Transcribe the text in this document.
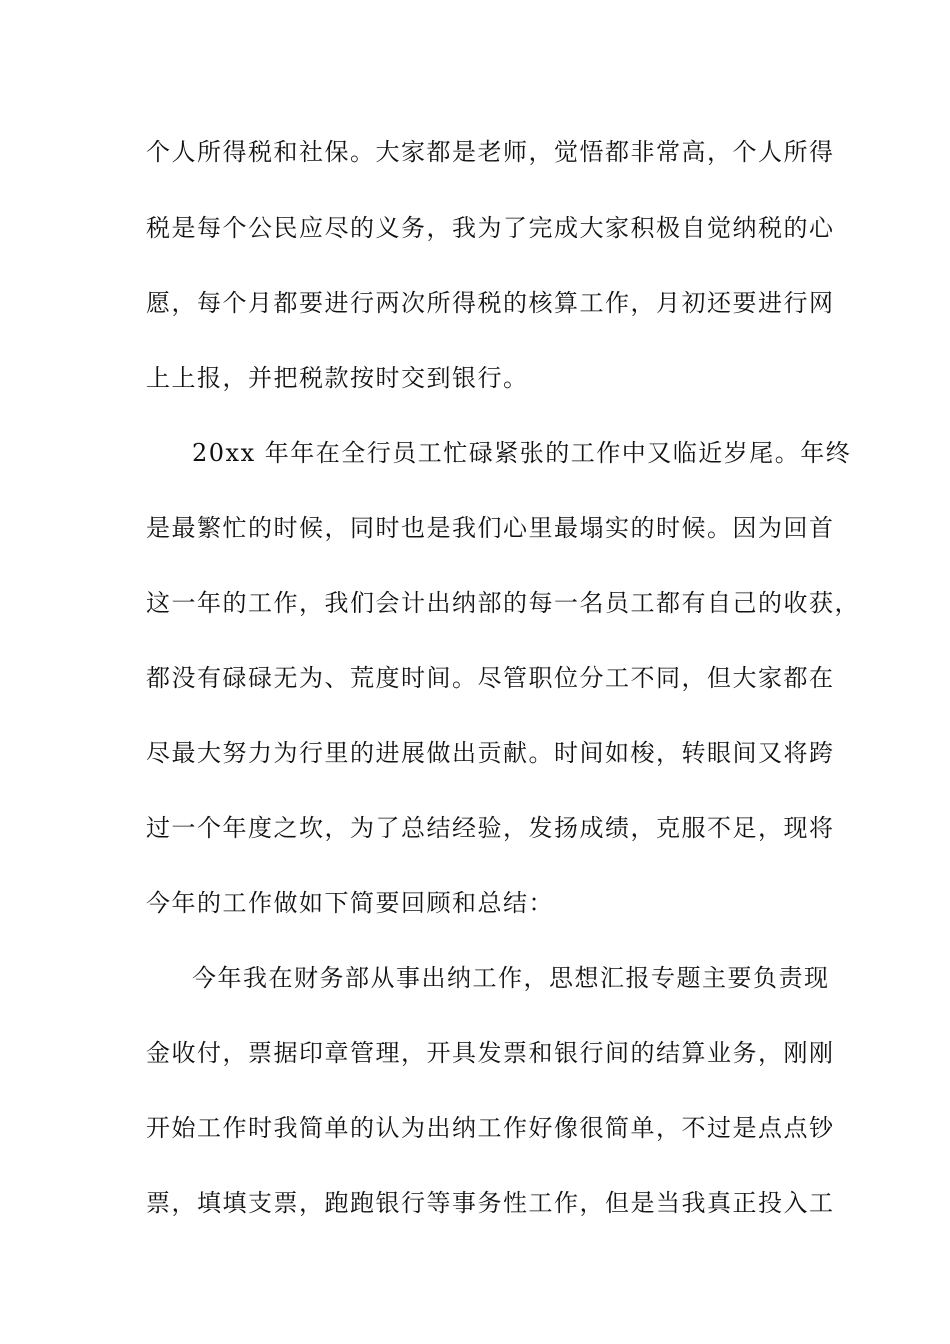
个人所得税和社保。大家都是老师，觉悟都非常高，个人所得
税是每个公民应尽的义务，我为了完成大家积极自觉纳税的心
愿，每个月都要进行两次所得税的核算工作，月初还要进行网
上上报，并把税款按时交到银行。
20xx 年年在全行员工忙碌紧张的工作中又临近岁尾。年终
是最繁忙的时候，同时也是我们心里最塌实的时候。因为回首
这一年的工作，我们会计出纳部的每一名员工都有自己的收获，
都没有碌碌无为、荒度时间。尽管职位分工不同，但大家都在
尽最大努力为行里的进展做出贡献。时间如梭，转眼间又将跨
过一个年度之坎，为了总结经验，发扬成绩，克服不足，现将
今年的工作做如下简要回顾和总结：
今年我在财务部从事出纳工作，思想汇报专题主要负责现
金收付，票据印章管理，开具发票和银行间的结算业务，刚刚
开始工作时我简单的认为出纳工作好像很简单，不过是点点钞
票，填填支票，跑跑银行等事务性工作，但是当我真正投入工
